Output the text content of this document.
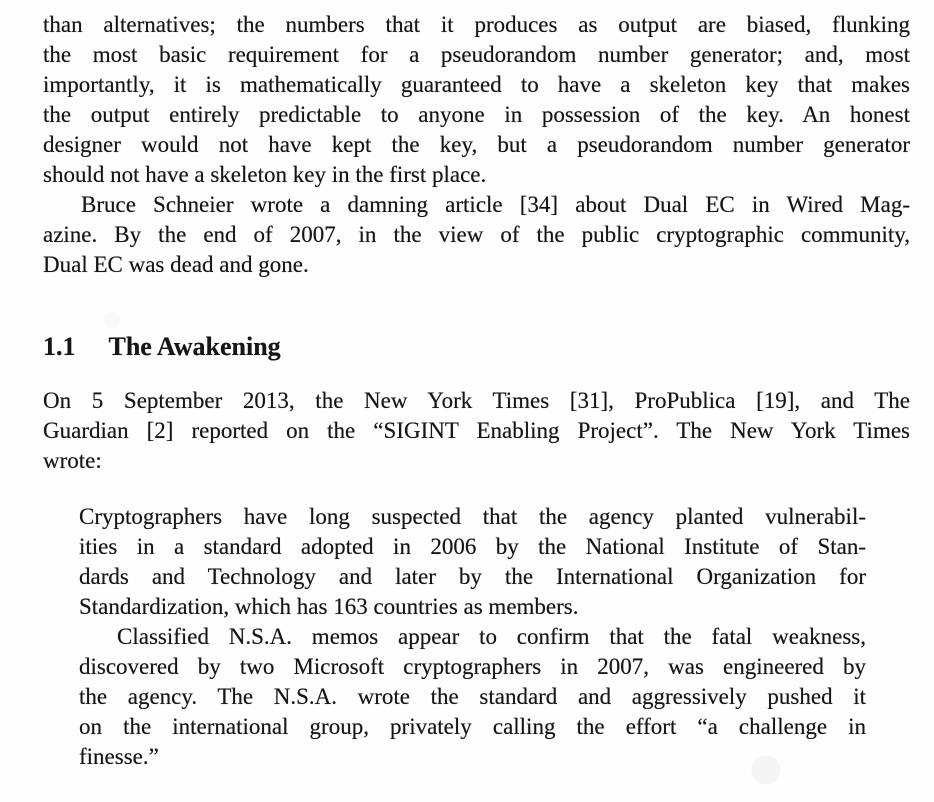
than alternatives; the numbers that it produces as output are biased, flunking
the most basic requirement for a pseudorandom number generator; and, most
importantly, it is mathematically guaranteed to have a skeleton key that makes
the output entirely predictable to anyone in possession of the key. An honest
designer would not have kept the key, but a pseudorandom number generator
should not have a skeleton key in the first place.
Bruce Schneier wrote a damning article [34] about Dual EC in Wired Mag-
azine. By the end of 2007, in the view of the public cryptographic community,
Dual EC was dead and gone.
1.1 The Awakening
On 5 September 2013, the New York Times [31], ProPublica [19], and The
Guardian [2] reported on the “SIGINT Enabling Project”. The New York Times
wrote:
Cryptographers have long suspected that the agency planted vulnerabil-
ities in a standard adopted in 2006 by the National Institute of Stan-
dards and Technology and later by the International Organization for
Standardization, which has 163 countries as members.
Classified N.S.A. memos appear to confirm that the fatal weakness,
discovered by two Microsoft cryptographers in 2007, was engineered by
the agency. The N.S.A. wrote the standard and aggressively pushed it
on the international group, privately calling the effort “a challenge in
finesse.”
